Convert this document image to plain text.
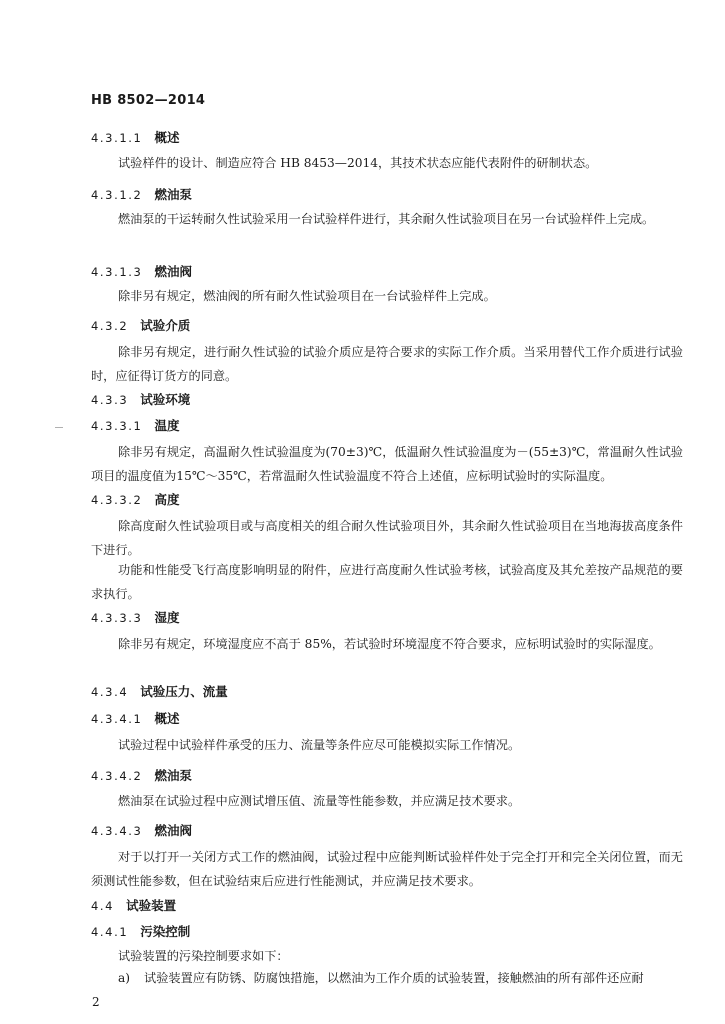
HB 8502—2014
4.3.1.1 概述
试验样件的设计、制造应符合 HB 8453—2014，其技术状态应能代表附件的研制状态。
4.3.1.2 燃油泵
燃油泵的干运转耐久性试验采用一台试验样件进行，其余耐久性试验项目在另一台试验样件上完成。
4.3.1.3 燃油阀
除非另有规定，燃油阀的所有耐久性试验项目在一台试验样件上完成。
4.3.2 试验介质
除非另有规定，进行耐久性试验的试验介质应是符合要求的实际工作介质。当采用替代工作介质进行试验时，应征得订货方的同意。
4.3.3 试验环境
4.3.3.1 温度
除非另有规定，高温耐久性试验温度为(70±3)℃，低温耐久性试验温度为－(55±3)℃，常温耐久性试验项目的温度值为15℃～35℃，若常温耐久性试验温度不符合上述值，应标明试验时的实际温度。
4.3.3.2 高度
除高度耐久性试验项目或与高度相关的组合耐久性试验项目外，其余耐久性试验项目在当地海拔高度条件下进行。
功能和性能受飞行高度影响明显的附件，应进行高度耐久性试验考核，试验高度及其允差按产品规范的要求执行。
4.3.3.3 湿度
除非另有规定，环境湿度应不高于 85%，若试验时环境湿度不符合要求，应标明试验时的实际湿度。
4.3.4 试验压力、流量
4.3.4.1 概述
试验过程中试验样件承受的压力、流量等条件应尽可能模拟实际工作情况。
4.3.4.2 燃油泵
燃油泵在试验过程中应测试增压值、流量等性能参数，并应满足技术要求。
4.3.4.3 燃油阀
对于以打开一关闭方式工作的燃油阀，试验过程中应能判断试验样件处于完全打开和完全关闭位置，而无须测试性能参数，但在试验结束后应进行性能测试，并应满足技术要求。
4.4 试验装置
4.4.1 污染控制
试验装置的污染控制要求如下：
a) 试验装置应有防锈、防腐蚀措施，以燃油为工作介质的试验装置，接触燃油的所有部件还应耐
2
